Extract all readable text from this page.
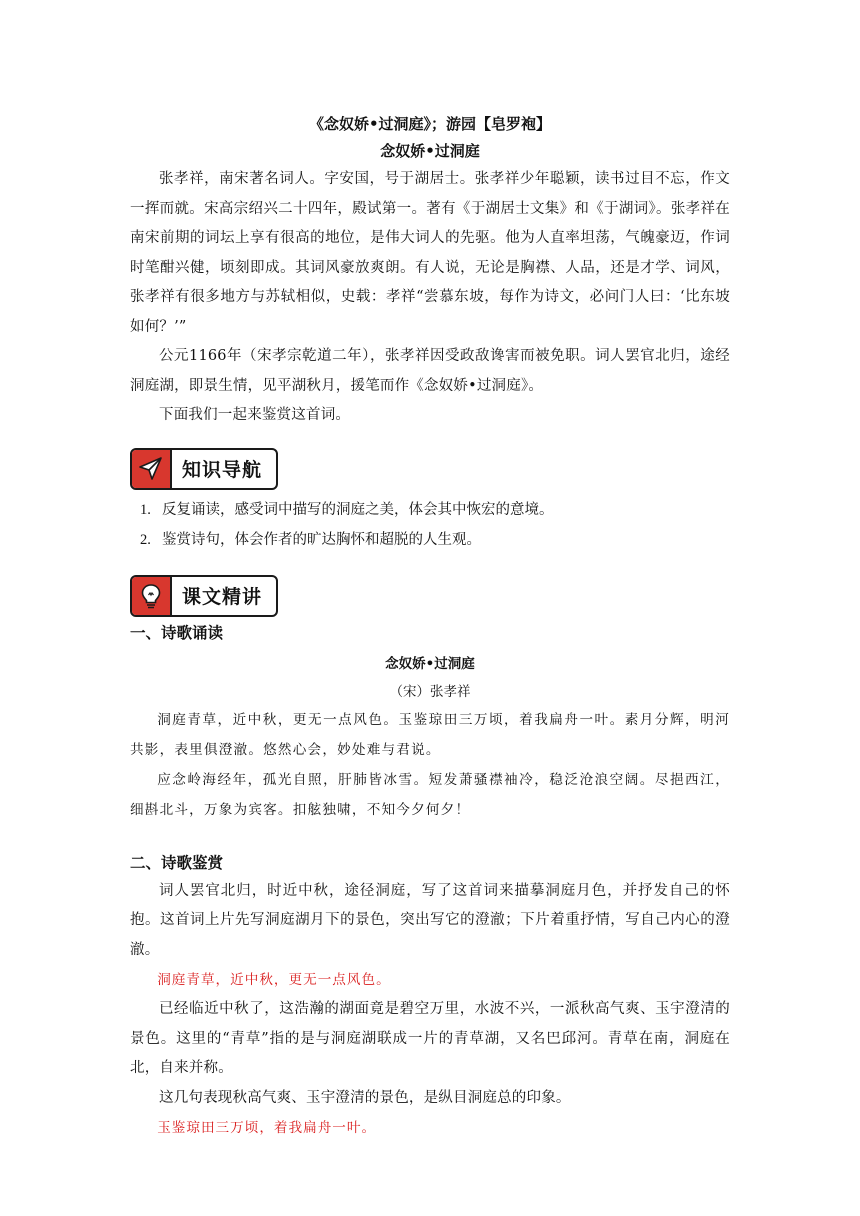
《念奴娇•过洞庭》；游园【皂罗袍】
念奴娇•过洞庭

张孝祥，南宋著名词人。字安国，号于湖居士。张孝祥少年聪颖，读书过目不忘，作文一挥而就。宋高宗绍兴二十四年，殿试第一。著有《于湖居士文集》和《于湖词》。张孝祥在南宋前期的词坛上享有很高的地位，是伟大词人的先驱。他为人直率坦荡，气魄豪迈，作词时笔酣兴健，顷刻即成。其词风豪放爽朗。有人说，无论是胸襟、人品，还是才学、词风，张孝祥有很多地方与苏轼相似，史载：孝祥“尝慕东坡，每作为诗文，必问门人曰：‘比东坡如何？’”

公元1166年（宋孝宗乾道二年），张孝祥因受政敌谗害而被免职。词人罢官北归，途经洞庭湖，即景生情，见平湖秋月，援笔而作《念奴娇•过洞庭》。

下面我们一起来鉴赏这首词。

知识导航
1. 反复诵读，感受词中描写的洞庭之美，体会其中恢宏的意境。
2. 鉴赏诗句，体会作者的旷达胸怀和超脱的人生观。
课文精讲
一、诗歌诵读

念奴娇•过洞庭

（宋）张孝祥

洞庭青草，近中秋，更无一点风色。玉鉴琼田三万顷，着我扁舟一叶。素月分辉，明河共影，表里俱澄澈。悠然心会，妙处难与君说。

应念岭海经年，孤光自照，肝肺皆冰雪。短发萧骚襟袖冷，稳泛沧浪空阔。尽挹西江，细斟北斗，万象为宾客。扣舷独啸，不知今夕何夕！

二、诗歌鉴赏

词人罢官北归，时近中秋，途径洞庭，写了这首词来描摹洞庭月色，并抒发自己的怀抱。这首词上片先写洞庭湖月下的景色，突出写它的澄澈；下片着重抒情，写自己内心的澄澈。

洞庭青草，近中秋，更无一点风色。

已经临近中秋了，这浩瀚的湖面竟是碧空万里，水波不兴，一派秋高气爽、玉宇澄清的景色。这里的“青草”指的是与洞庭湖联成一片的青草湖，又名巴邱河。青草在南，洞庭在北，自来并称。

这几句表现秋高气爽、玉宇澄清的景色，是纵目洞庭总的印象。

玉鉴琼田三万顷，着我扁舟一叶。
